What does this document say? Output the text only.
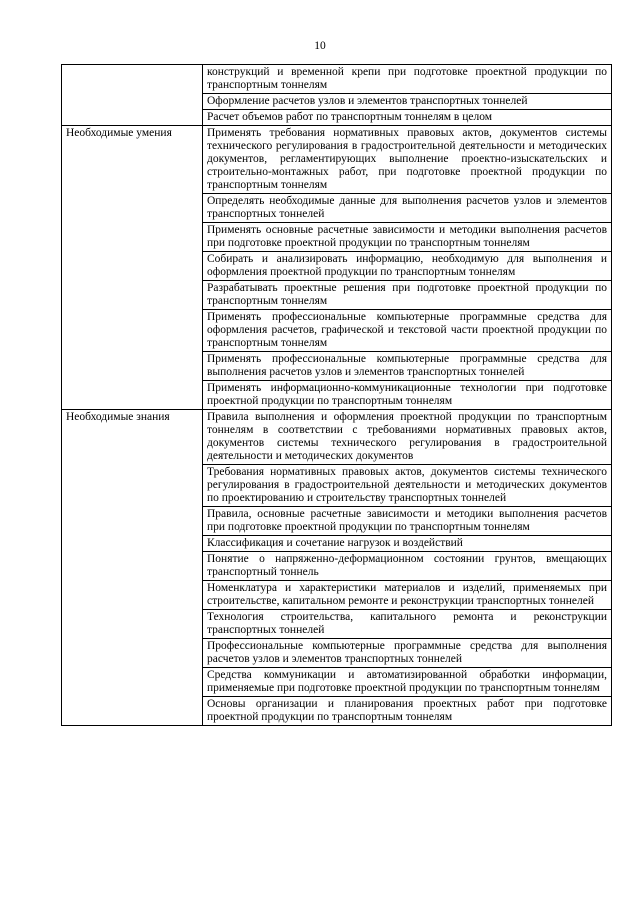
10
	конструкций и временной крепи при подготовке проектной продукции по транспортным тоннелям
	Оформление расчетов узлов и элементов транспортных тоннелей
	Расчет объемов работ по транспортным тоннелям в целом
Необходимые умения	Применять требования нормативных правовых актов, документов системы технического регулирования в градостроительной деятельности и методических документов, регламентирующих выполнение проектно-изыскательских и строительно-монтажных работ, при подготовке проектной продукции по транспортным тоннелям
	Определять необходимые данные для выполнения расчетов узлов и элементов транспортных тоннелей
	Применять основные расчетные зависимости и методики выполнения расчетов при подготовке проектной продукции по транспортным тоннелям
	Собирать и анализировать информацию, необходимую для выполнения и оформления проектной продукции по транспортным тоннелям
	Разрабатывать проектные решения при подготовке проектной продукции по транспортным тоннелям
	Применять профессиональные компьютерные программные средства для оформления расчетов, графической и текстовой части проектной продукции по транспортным тоннелям
	Применять профессиональные компьютерные программные средства для выполнения расчетов узлов и элементов транспортных тоннелей
	Применять информационно-коммуникационные технологии при подготовке проектной продукции по транспортным тоннелям
Необходимые знания	Правила выполнения и оформления проектной продукции по транспортным тоннелям в соответствии с требованиями нормативных правовых актов, документов системы технического регулирования в градостроительной деятельности и методических документов
	Требования нормативных правовых актов, документов системы технического регулирования в градостроительной деятельности и методических документов по проектированию и строительству транспортных тоннелей
	Правила, основные расчетные зависимости и методики выполнения расчетов при подготовке проектной продукции по транспортным тоннелям
	Классификация и сочетание нагрузок и воздействий
	Понятие о напряженно-деформационном состоянии грунтов, вмещающих транспортный тоннель
	Номенклатура и характеристики материалов и изделий, применяемых при строительстве, капитальном ремонте и реконструкции транспортных тоннелей
	Технология строительства, капитального ремонта и реконструкции транспортных тоннелей
	Профессиональные компьютерные программные средства для выполнения расчетов узлов и элементов транспортных тоннелей
	Средства коммуникации и автоматизированной обработки информации, применяемые при подготовке проектной продукции по транспортным тоннелям
	Основы организации и планирования проектных работ при подготовке проектной продукции по транспортным тоннелям
